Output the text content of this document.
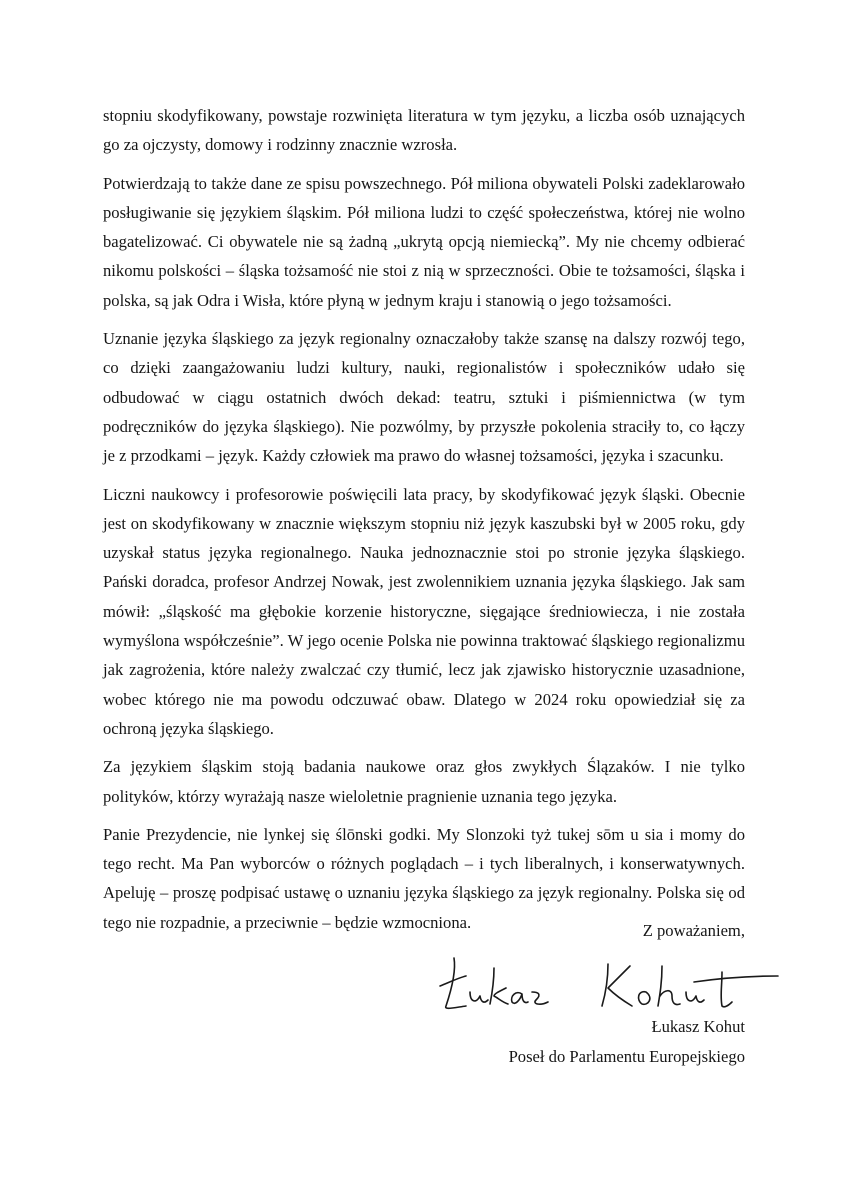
stopniu skodyfikowany, powstaje rozwinięta literatura w tym języku, a liczba osób uznających go za ojczysty, domowy i rodzinny znacznie wzrosła.

Potwierdzają to także dane ze spisu powszechnego. Pół miliona obywateli Polski zadeklarowało posługiwanie się językiem śląskim. Pół miliona ludzi to część społeczeństwa, której nie wolno bagatelizować. Ci obywatele nie są żadną „ukrytą opcją niemiecką”. My nie chcemy odbierać nikomu polskości – śląska tożsamość nie stoi z nią w sprzeczności. Obie te tożsamości, śląska i polska, są jak Odra i Wisła, które płyną w jednym kraju i stanowią o jego tożsamości.

Uznanie języka śląskiego za język regionalny oznaczałoby także szansę na dalszy rozwój tego, co dzięki zaangażowaniu ludzi kultury, nauki, regionalistów i społeczników udało się odbudować w ciągu ostatnich dwóch dekad: teatru, sztuki i piśmiennictwa (w tym podręczników do języka śląskiego). Nie pozwólmy, by przyszłe pokolenia straciły to, co łączy je z przodkami – język. Każdy człowiek ma prawo do własnej tożsamości, języka i szacunku.

Liczni naukowcy i profesorowie poświęcili lata pracy, by skodyfikować język śląski. Obecnie jest on skodyfikowany w znacznie większym stopniu niż język kaszubski był w 2005 roku, gdy uzyskał status języka regionalnego. Nauka jednoznacznie stoi po stronie języka śląskiego. Pański doradca, profesor Andrzej Nowak, jest zwolennikiem uznania języka śląskiego. Jak sam mówił: „śląskość ma głębokie korzenie historyczne, sięgające średniowiecza, i nie została wymyślona współcześnie”. W jego ocenie Polska nie powinna traktować śląskiego regionalizmu jak zagrożenia, które należy zwalczać czy tłumić, lecz jak zjawisko historycznie uzasadnione, wobec którego nie ma powodu odczuwać obaw. Dlatego w 2024 roku opowiedział się za ochroną języka śląskiego.

Za językiem śląskim stoją badania naukowe oraz głos zwykłych Ślązaków. I nie tylko polityków, którzy wyrażają nasze wieloletnie pragnienie uznania tego języka.

Panie Prezydencie, nie lynkej się ślōnski godki. My Slonzoki tyż tukej sōm u sia i momy do tego recht. Ma Pan wyborców o różnych poglądach – i tych liberalnych, i konserwatywnych. Apeluję – proszę podpisać ustawę o uznaniu języka śląskiego za język regionalny. Polska się od tego nie rozpadnie, a przeciwnie – będzie wzmocniona.	Z poważaniem,
Łukasz Kohut
Poseł do Parlamentu Europejskiego
